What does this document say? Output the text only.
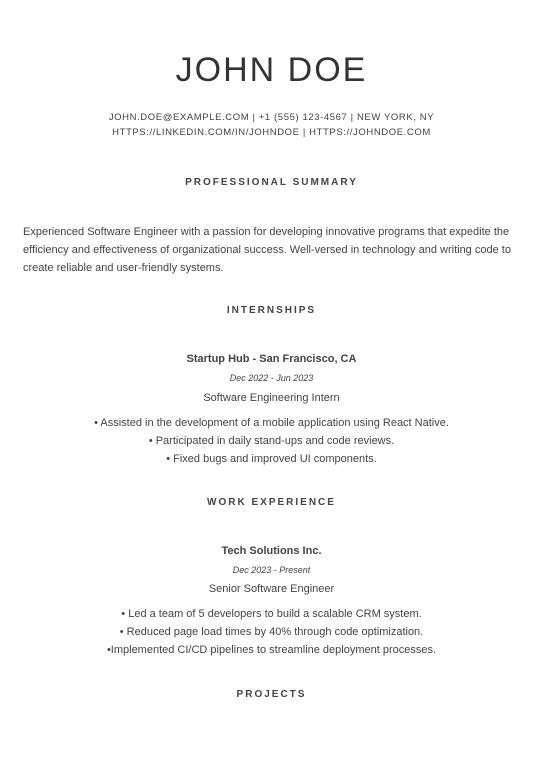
JOHN DOE
JOHN.DOE@EXAMPLE.COM | +1 (555) 123-4567 | NEW YORK, NY
HTTPS://LINKEDIN.COM/IN/JOHNDOE | HTTPS://JOHNDOE.COM
PROFESSIONAL SUMMARY
Experienced Software Engineer with a passion for developing innovative programs that expedite the efficiency and effectiveness of organizational success. Well-versed in technology and writing code to create reliable and user-friendly systems.
INTERNSHIPS
Startup Hub - San Francisco, CA
Dec 2022 - Jun 2023
Software Engineering Intern
• Assisted in the development of a mobile application using React Native.
• Participated in daily stand-ups and code reviews.
• Fixed bugs and improved UI components.
WORK EXPERIENCE
Tech Solutions Inc.
Dec 2023 - Present
Senior Software Engineer
• Led a team of 5 developers to build a scalable CRM system.
• Reduced page load times by 40% through code optimization.
•Implemented CI/CD pipelines to streamline deployment processes.
PROJECTS
